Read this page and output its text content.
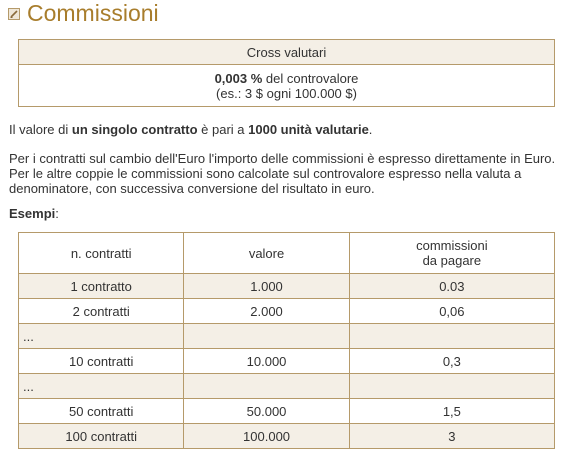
Commissioni
Cross valutari
0,003 % del controvalore
(es.: 3 $ ogni 100.000 $)

Il valore di un singolo contratto è pari a 1000 unità valutarie.

Per i contratti sul cambio dell'Euro l'importo delle commissioni è espresso direttamente in Euro. Per le altre coppie le commissioni sono calcolate sul controvalore espresso nella valuta a denominatore, con successiva conversione del risultato in euro.

Esempi:

n. contratti	valore	commissioni
da pagare
1 contratto	1.000	0.03
2 contratti	2.000	0,06
...		
10 contratti	10.000	0,3
...		
50 contratti	50.000	1,5
100 contratti	100.000	3
